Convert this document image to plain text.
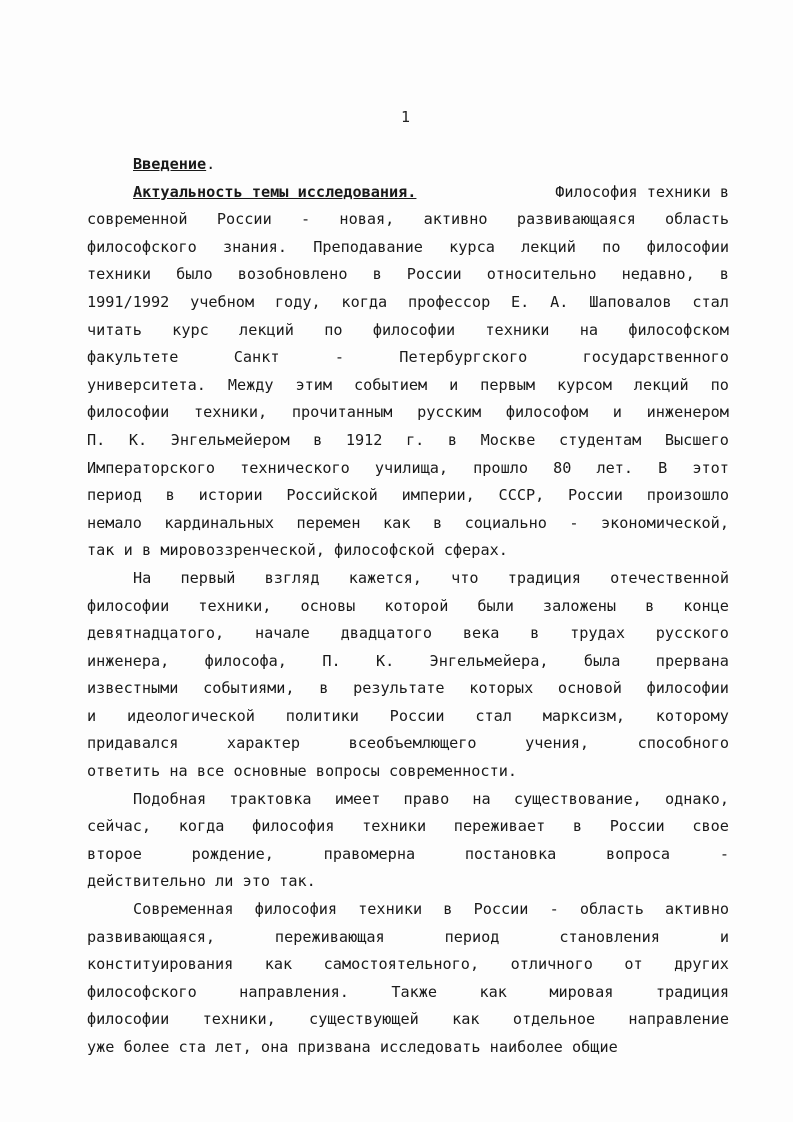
1
Введение.
Актуальность темы исследования.	Философия техники в
современной России - новая, активно развивающаяся область
философского знания. Преподавание курса лекций по философии
техники было возобновлено в России относительно недавно, в
1991/1992 учебном году, когда профессор Е. А. Шаповалов стал
читать курс лекций по философии техники на философском
факультете	Санкт	-	Петербургского	государственного
университета. Между этим событием и первым курсом лекций по
философии техники, прочитанным русским философом и инженером
П. К. Энгельмейером в 1912 г. в Москве студентам Высшего
Императорского технического училища, прошло 80 лет. В этот
период в истории Российской империи, СССР, России произошло
немало кардинальных перемен как в социально - экономической,
так и в мировоззренческой, философской сферах.
На первый взгляд кажется, что традиция отечественной
философии техники, основы которой были заложены в конце
девятнадцатого, начале двадцатого века в трудах русского
инженера, философа, П. К. Энгельмейера, была прервана
известными событиями, в результате которых основой философии
и идеологической политики России стал марксизм, которому
придавался	характер	всеобъемлющего	учения,	способного
ответить на все основные вопросы современности.
Подобная трактовка имеет право на существование, однако,
сейчас, когда философия техники переживает в России свое
второе	рождение,	правомерна	постановка	вопроса	-
действительно ли это так.
Современная философия техники в России - область активно
развивающаяся,	переживающая	период	становления	и
конституирования как самостоятельного, отличного от других
философского	направления.	Также	как	мировая	традиция
философии техники, существующей как отдельное направление
уже более ста лет, она призвана исследовать наиболее общие
